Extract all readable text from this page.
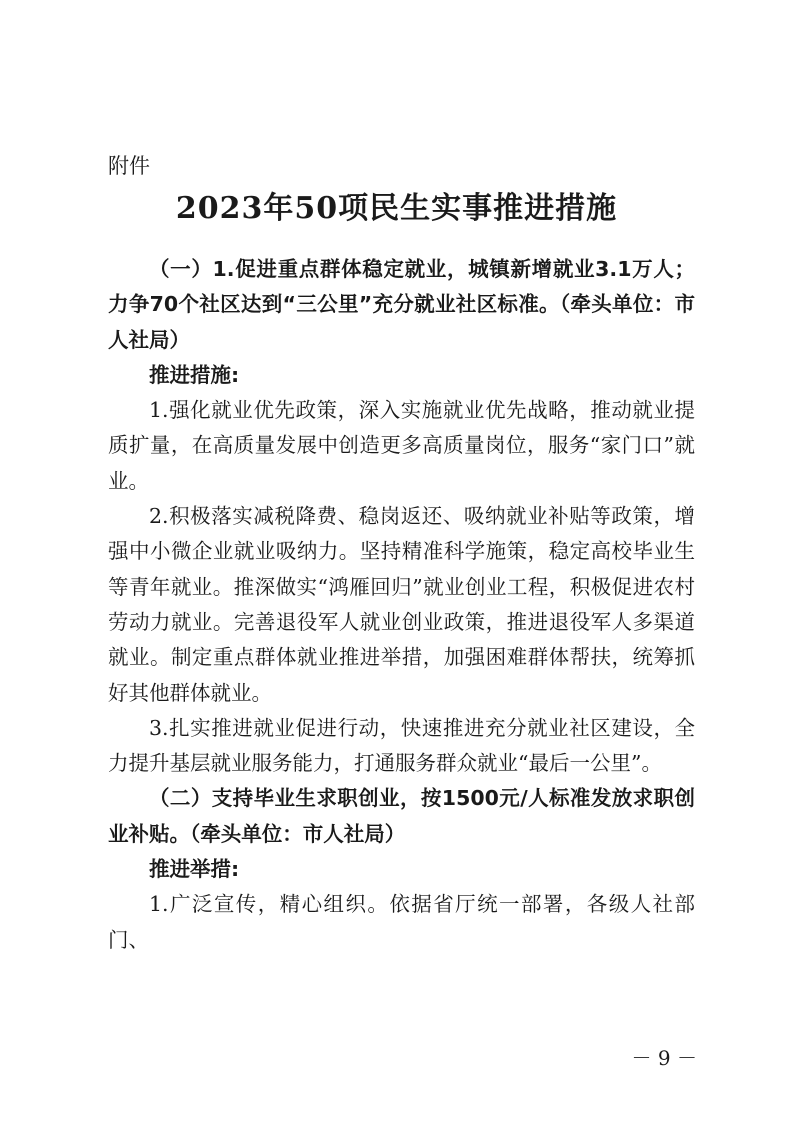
附件
2023年50项民生实事推进措施

（一）1.促进重点群体稳定就业，城镇新增就业3.1万人；力争70个社区达到“三公里”充分就业社区标准。（牵头单位：市人社局）

推进措施:

1.强化就业优先政策，深入实施就业优先战略，推动就业提质扩量，在高质量发展中创造更多高质量岗位，服务“家门口”就业。

2.积极落实减税降费、稳岗返还、吸纳就业补贴等政策，增强中小微企业就业吸纳力。坚持精准科学施策，稳定高校毕业生等青年就业。推深做实“鸿雁回归”就业创业工程，积极促进农村劳动力就业。完善退役军人就业创业政策，推进退役军人多渠道就业。制定重点群体就业推进举措，加强困难群体帮扶，统筹抓好其他群体就业。

3.扎实推进就业促进行动，快速推进充分就业社区建设，全力提升基层就业服务能力，打通服务群众就业“最后一公里”。

（二）支持毕业生求职创业，按1500元/人标准发放求职创业补贴。（牵头单位：市人社局）

推进举措:

1.广泛宣传，精心组织。依据省厅统一部署，各级人社部门、

－ 9 －
